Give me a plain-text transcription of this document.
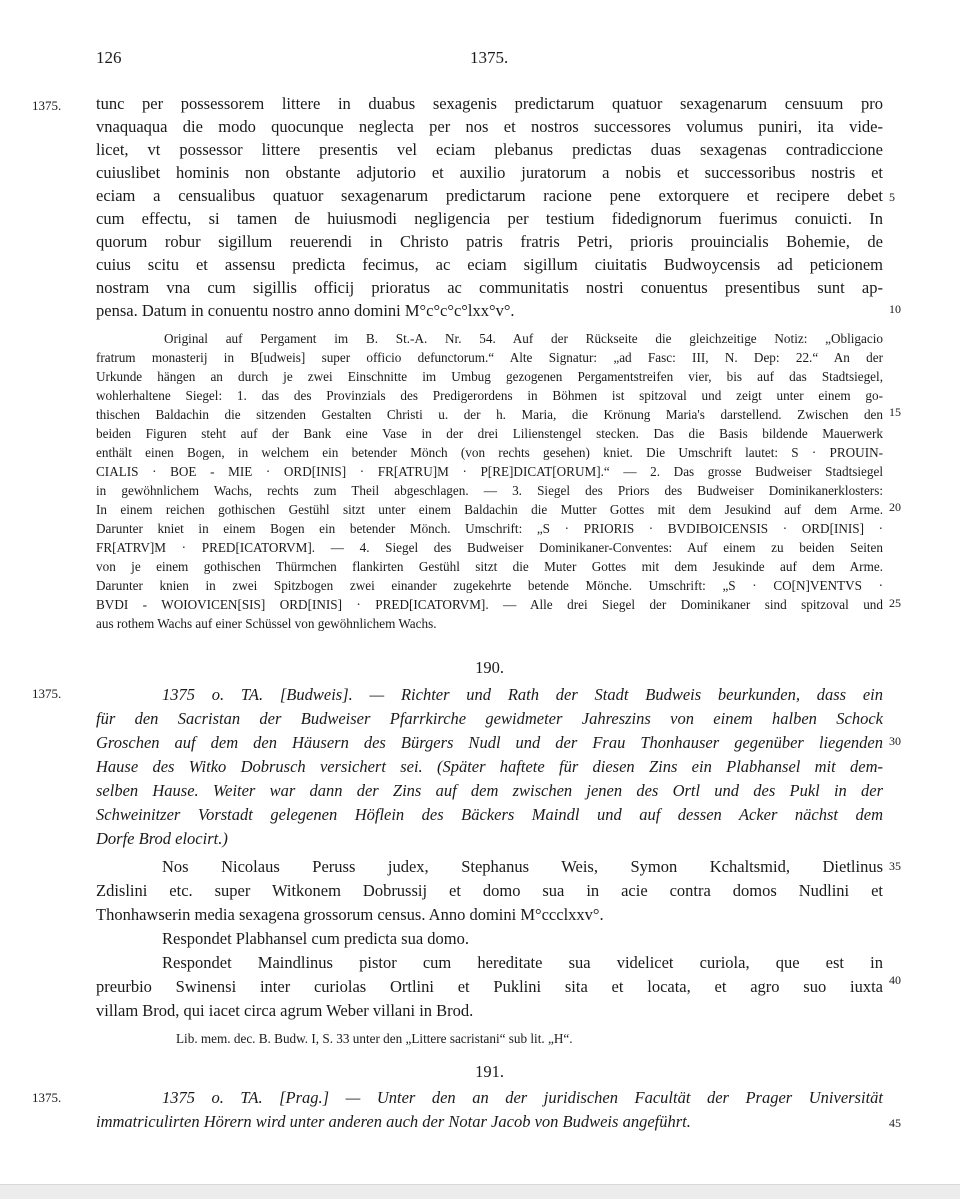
126	1375.
1375.
1375.
1375.
5
10
15
20
25
30
35
40
45
tunc per possessorem littere in duabus sexagenis predictarum quatuor sexagenarum censuum pro
vnaquaqua die modo quocunque neglecta per nos et nostros successores volumus puniri, ita vide-
licet, vt possessor littere presentis vel eciam plebanus predictas duas sexagenas contradiccione
cuiuslibet hominis non obstante adjutorio et auxilio juratorum a nobis et successoribus nostris et
eciam a censualibus quatuor sexagenarum predictarum racione pene extorquere et recipere debet
cum effectu, si tamen de huiusmodi negligencia per testium fidedignorum fuerimus conuicti. In
quorum robur sigillum reuerendi in Christo patris fratris Petri, prioris prouincialis Bohemie, de
cuius scitu et assensu predicta fecimus, ac eciam sigillum ciuitatis Budwoycensis ad peticionem
nostram vna cum sigillis officij prioratus ac communitatis nostri conuentus presentibus sunt ap-
pensa. Datum in conuentu nostro anno domini M°c°c°c°lxx°v°.
Original auf Pergament im B. St.-A. Nr. 54. Auf der Rückseite die gleichzeitige Notiz: „Obligacio
fratrum monasterij in B[udweis] super officio defunctorum.“ Alte Signatur: „ad Fasc: III, N. Dep: 22.“ An der
Urkunde hängen an durch je zwei Einschnitte im Umbug gezogenen Pergamentstreifen vier, bis auf das Stadtsiegel,
wohlerhaltene Siegel: 1. das des Provinzials des Predigerordens in Böhmen ist spitzoval und zeigt unter einem go-
thischen Baldachin die sitzenden Gestalten Christi u. der h. Maria, die Krönung Maria's darstellend. Zwischen den
beiden Figuren steht auf der Bank eine Vase in der drei Lilienstengel stecken. Das die Basis bildende Mauerwerk
enthält einen Bogen, in welchem ein betender Mönch (von rechts gesehen) kniet. Die Umschrift lautet: S · PROUIN-
CIALIS · BOE - MIE · ORD[INIS] · FR[ATRU]M · P[RE]DICAT[ORUM].“ — 2. Das grosse Budweiser Stadtsiegel
in gewöhnlichem Wachs, rechts zum Theil abgeschlagen. — 3. Siegel des Priors des Budweiser Dominikanerklosters:
In einem reichen gothischen Gestühl sitzt unter einem Baldachin die Mutter Gottes mit dem Jesukind auf dem Arme.
Darunter kniet in einem Bogen ein betender Mönch. Umschrift: „S · PRIORIS · BVDIBOICENSIS · ORD[INIS] ·
FR[ATRV]M · PRED[ICATORVM]. — 4. Siegel des Budweiser Dominikaner-Conventes: Auf einem zu beiden Seiten
von je einem gothischen Thürmchen flankirten Gestühl sitzt die Muter Gottes mit dem Jesukinde auf dem Arme.
Darunter knien in zwei Spitzbogen zwei einander zugekehrte betende Mönche. Umschrift: „S · CO[N]VENTVS ·
BVDI - WOIOVICEN[SIS] ORD[INIS] · PRED[ICATORVM]. — Alle drei Siegel der Dominikaner sind spitzoval und
aus rothem Wachs auf einer Schüssel von gewöhnlichem Wachs.
190.
1375 o. TA. [Budweis]. — Richter und Rath der Stadt Budweis beurkunden, dass ein
für den Sacristan der Budweiser Pfarrkirche gewidmeter Jahreszins von einem halben Schock
Groschen auf dem den Häusern des Bürgers Nudl und der Frau Thonhauser gegenüber liegenden
Hause des Witko Dobrusch versichert sei. (Später haftete für diesen Zins ein Plabhansel mit dem-
selben Hause. Weiter war dann der Zins auf dem zwischen jenen des Ortl und des Pukl in der
Schweinitzer Vorstadt gelegenen Höflein des Bäckers Maindl und auf dessen Acker nächst dem
Dorfe Brod elocirt.)
Nos Nicolaus Peruss judex, Stephanus Weis, Symon Kchaltsmid, Dietlinus
Zdislini etc. super Witkonem Dobrussij et domo sua in acie contra domos Nudlini et
Thonhawserin media sexagena grossorum census. Anno domini M°ccclxxv°.
Respondet Plabhansel cum predicta sua domo.
Respondet Maindlinus pistor cum hereditate sua videlicet curiola, que est in
preurbio Swinensi inter curiolas Ortlini et Puklini sita et locata, et agro suo iuxta
villam Brod, qui iacet circa agrum Weber villani in Brod.
Lib. mem. dec. B. Budw. I, S. 33 unter den „Littere sacristani“ sub lit. „H“.
191.
1375 o. TA. [Prag.] — Unter den an der juridischen Facultät der Prager Universität
immatriculirten Hörern wird unter anderen auch der Notar Jacob von Budweis angeführt.
